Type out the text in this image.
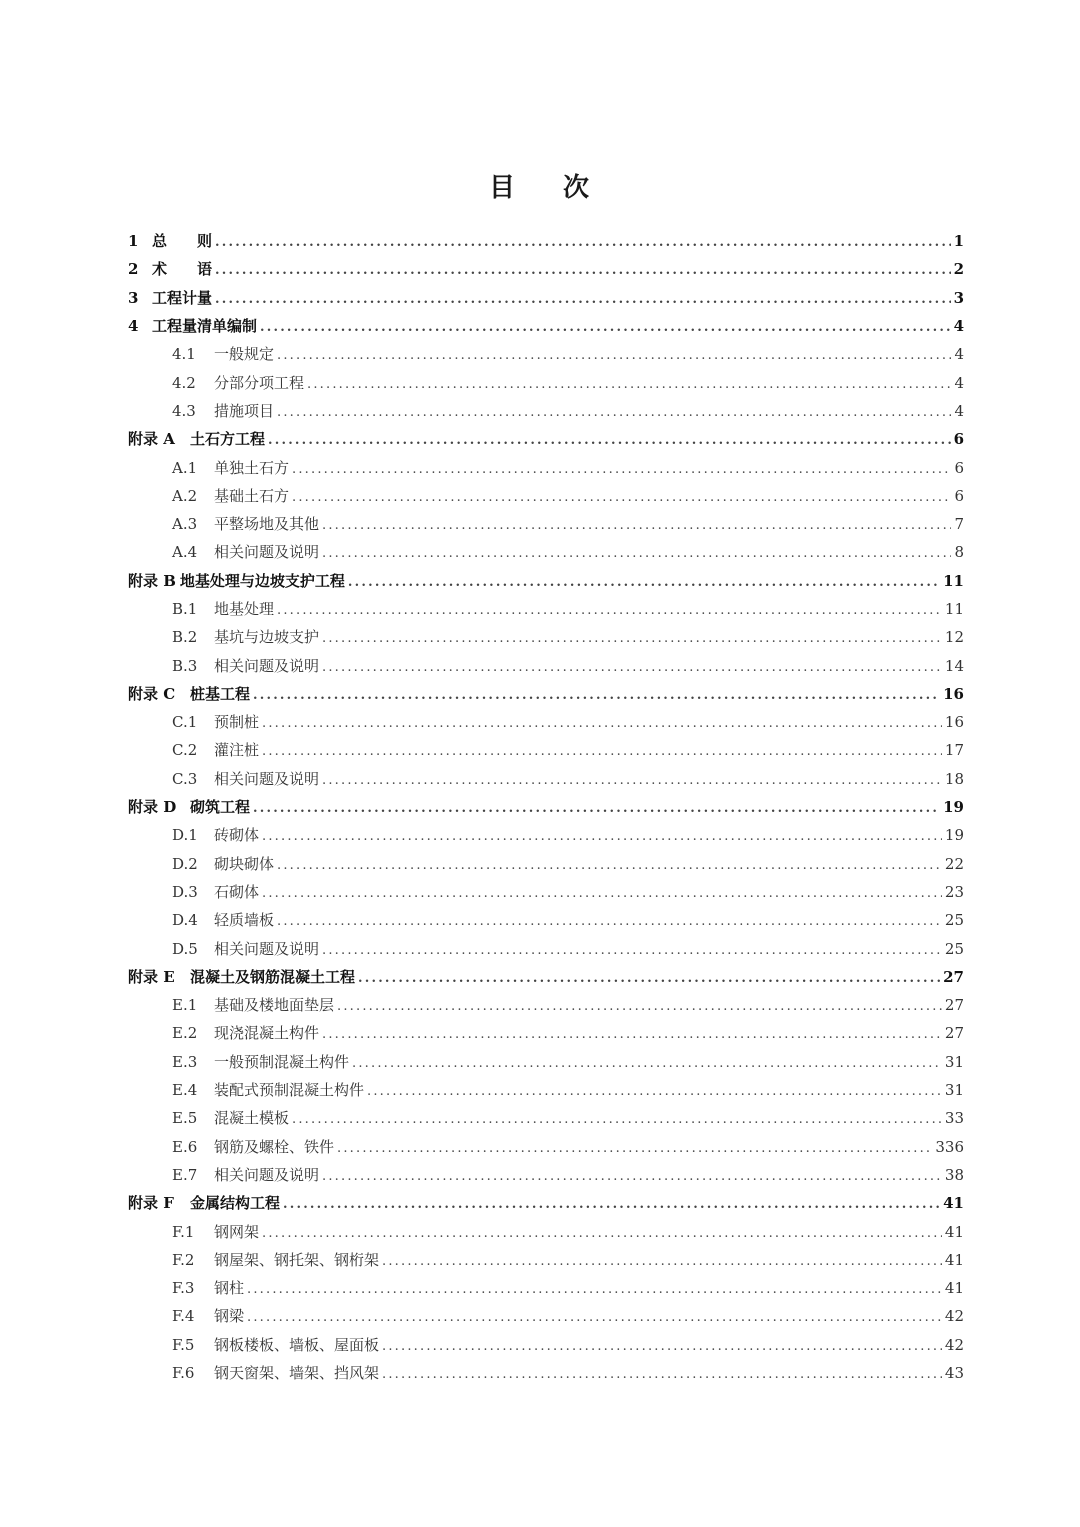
目 次
1 总　　则 .....	1
2 术　　语 .....	2
3 工程计量 .....	3
4 工程量清单编制 .....	4
4.1	一般规定 .....	4
4.2	分部分项工程 .....	4
4.3	措施项目 .....	4
附录 A	土石方工程 .....	6
A.1	单独土石方 .....	6
A.2	基础土石方 .....	6
A.3	平整场地及其他 .....	7
A.4	相关问题及说明 .....	8
附录 B 地基处理与边坡支护工程 .....	11
B.1	地基处理 .....	11
B.2	基坑与边坡支护 .....	12
B.3	相关问题及说明 .....	14
附录 C 桩基工程 .....	16
C.1	预制桩 .....	16
C.2	灌注桩 .....	17
C.3	相关问题及说明 .....	18
附录 D 砌筑工程 .....	19
D.1	砖砌体 .....	19
D.2	砌块砌体 .....	22
D.3	石砌体 .....	23
D.4	轻质墙板 .....	25
D.5	相关问题及说明 .....	25
附录 E	混凝土及钢筋混凝土工程 .....	27
E.1	基础及楼地面垫层 .....	27
E.2	现浇混凝土构件 .....	27
E.3	一般预制混凝土构件 .....	31
E.4	装配式预制混凝土构件 .....	31
E.5	混凝土模板 .....	33
E.6	钢筋及螺栓、铁件 .....	336
E.7	相关问题及说明 .....	38
附录 F	金属结构工程 .....	41
F.1	钢网架 .....	41
F.2	钢屋架、钢托架、钢桁架 .....	41
F.3	钢柱 .....	41
F.4	钢梁 .....	42
F.5	钢板楼板、墙板、屋面板 .....	42
F.6	钢天窗架、墙架、挡风架 .....	43
